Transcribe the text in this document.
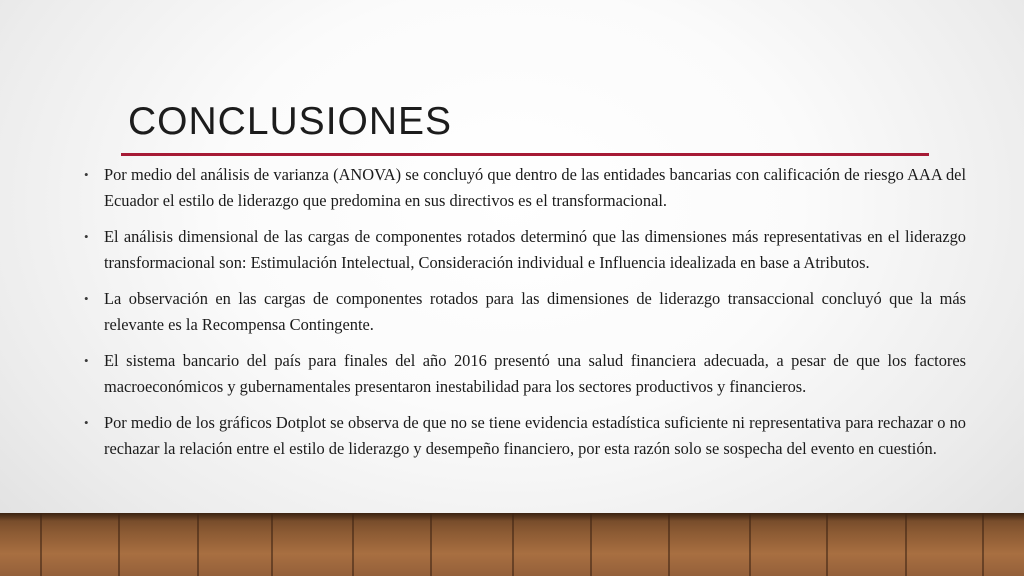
CONCLUSIONES
• Por medio del análisis de varianza (ANOVA) se concluyó que dentro de las entidades bancarias con calificación de riesgo AAA del Ecuador el estilo de liderazgo que predomina en sus directivos es el transformacional.
• El análisis dimensional de las cargas de componentes rotados determinó que las dimensiones más representativas en el liderazgo transformacional son: Estimulación Intelectual, Consideración individual e Influencia idealizada en base a Atributos.
• La observación en las cargas de componentes rotados para las dimensiones de liderazgo transaccional concluyó que la más relevante es la Recompensa Contingente.
• El sistema bancario del país para finales del año 2016 presentó una salud financiera adecuada, a pesar de que los factores macroeconómicos y gubernamentales presentaron inestabilidad para los sectores productivos y financieros.
• Por medio de los gráficos Dotplot se observa de que no se tiene evidencia estadística suficiente ni representativa para rechazar o no rechazar la relación entre el estilo de liderazgo y desempeño financiero, por esta razón solo se sospecha del evento en cuestión.
